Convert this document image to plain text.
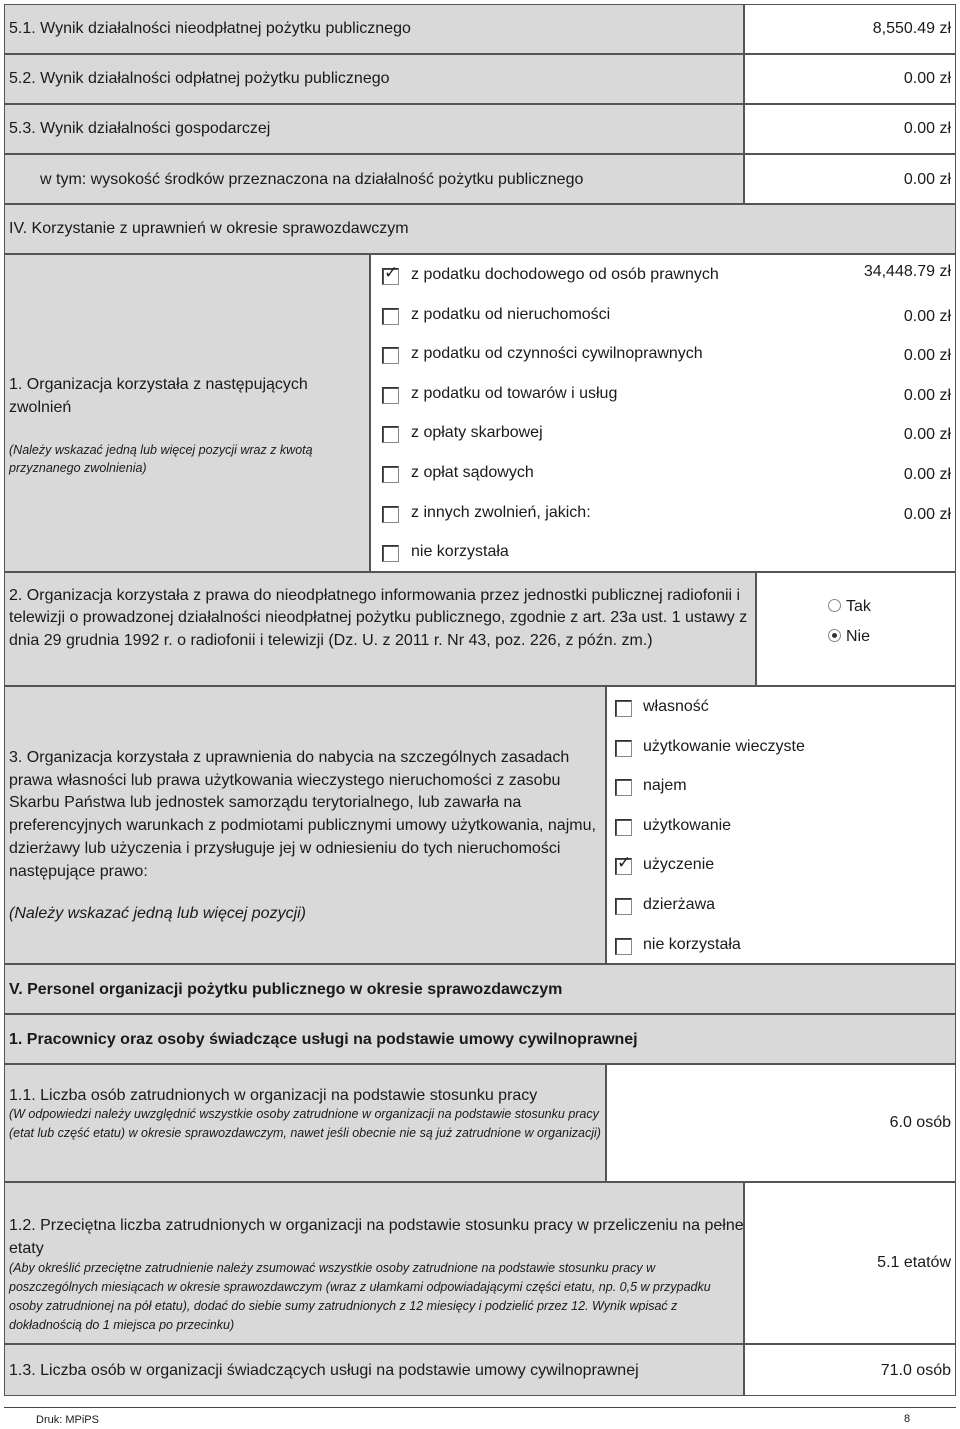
5.1. Wynik działalności nieodpłatnej pożytku publicznego	8,550.49 zł
5.2. Wynik działalności odpłatnej pożytku publicznego	0.00 zł
5.3. Wynik działalności gospodarczej	0.00 zł
w tym: wysokość środków przeznaczona na działalność pożytku publicznego	0.00 zł
IV. Korzystanie z uprawnień w okresie sprawozdawczym
1. Organizacja korzystała z następujących zwolnień
(Należy wskazać jedną lub więcej pozycji wraz z kwotą przyznanego zwolnienia)
✓ z podatku dochodowego od osób prawnych	34,448.79 zł
z podatku od nieruchomości	0.00 zł
z podatku od czynności cywilnoprawnych	0.00 zł
z podatku od towarów i usług	0.00 zł
z opłaty skarbowej	0.00 zł
z opłat sądowych	0.00 zł
z innych zwolnień, jakich:	0.00 zł
nie korzystała
2. Organizacja korzystała z prawa do nieodpłatnego informowania przez jednostki publicznej radiofonii i telewizji o prowadzonej działalności nieodpłatnej pożytku publicznego, zgodnie z art. 23a ust. 1 ustawy z dnia 29 grudnia 1992 r. o radiofonii i telewizji (Dz. U. z 2011 r. Nr 43, poz. 226, z późn. zm.)
Tak
Nie
3. Organizacja korzystała z uprawnienia do nabycia na szczególnych zasadach prawa własności lub prawa użytkowania wieczystego nieruchomości z zasobu Skarbu Państwa lub jednostek samorządu terytorialnego, lub zawarła na preferencyjnych warunkach z podmiotami publicznymi umowy użytkowania, najmu, dzierżawy lub użyczenia i przysługuje jej w odniesieniu do tych nieruchomości następujące prawo:
(Należy wskazać jedną lub więcej pozycji)
własność
użytkowanie wieczyste
najem
użytkowanie
✓ użyczenie
dzierżawa
nie korzystała
V. Personel organizacji pożytku publicznego w okresie sprawozdawczym
1. Pracownicy oraz osoby świadczące usługi na podstawie umowy cywilnoprawnej
1.1. Liczba osób zatrudnionych w organizacji na podstawie stosunku pracy
(W odpowiedzi należy uwzględnić wszystkie osoby zatrudnione w organizacji na podstawie stosunku pracy (etat lub część etatu) w okresie sprawozdawczym, nawet jeśli obecnie nie są już zatrudnione w organizacji)
6.0 osób
1.2. Przeciętna liczba zatrudnionych w organizacji na podstawie stosunku pracy w przeliczeniu na pełne etaty
(Aby określić przeciętne zatrudnienie należy zsumować wszystkie osoby zatrudnione na podstawie stosunku pracy w poszczególnych miesiącach w okresie sprawozdawczym (wraz z ułamkami odpowiadającymi części etatu, np. 0,5 w przypadku osoby zatrudnionej na pół etatu), dodać do siebie sumy zatrudnionych z 12 miesięcy i podzielić przez 12. Wynik wpisać z dokładnością do 1 miejsca po przecinku)
5.1 etatów
1.3. Liczba osób w organizacji świadczących usługi na podstawie umowy cywilnoprawnej	71.0 osób
Druk: MPiPS	8
